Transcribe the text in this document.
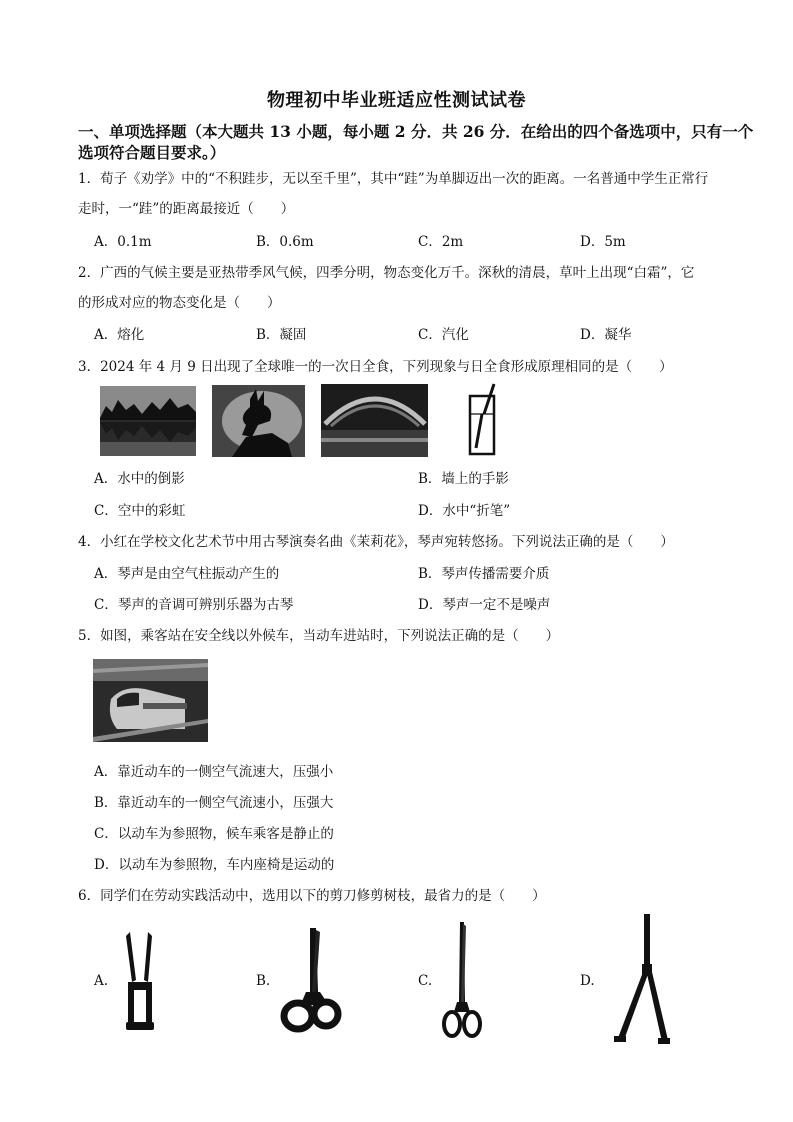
物理初中毕业班适应性测试试卷
一、单项选择题（本大题共 13 小题，每小题 2 分．共 26 分．在给出的四个备选项中，只有一个
选项符合题目要求。）
1．荀子《劝学》中的“不积跬步，无以至千里”，其中“跬”为单脚迈出一次的距离。一名普通中学生正常行
走时，一“跬”的距离最接近（　　）
A．0.1m	B．0.6m	C．2m	D．5m
2．广西的气候主要是亚热带季风气候，四季分明，物态变化万千。深秋的清晨，草叶上出现“白霜”，它
的形成对应的物态变化是（　　）
A．熔化	B．凝固	C．汽化	D．凝华
3．2024 年 4 月 9 日出现了全球唯一的一次日全食，下列现象与日全食形成原理相同的是（　　）
A．水中的倒影	B．墙上的手影
C．空中的彩虹	D．水中“折笔”
4．小红在学校文化艺术节中用古琴演奏名曲《茉莉花》，琴声宛转悠扬。下列说法正确的是（　　）
A．琴声是由空气柱振动产生的	B．琴声传播需要介质
C．琴声的音调可辨别乐器为古琴	D．琴声一定不是噪声
5．如图，乘客站在安全线以外候车，当动车进站时，下列说法正确的是（　　）
A．靠近动车的一侧空气流速大，压强小
B．靠近动车的一侧空气流速小，压强大
C．以动车为参照物，候车乘客是静止的
D．以动车为参照物，车内座椅是运动的
6．同学们在劳动实践活动中，选用以下的剪刀修剪树枝，最省力的是（　　）
A.	B.	C.	D.
